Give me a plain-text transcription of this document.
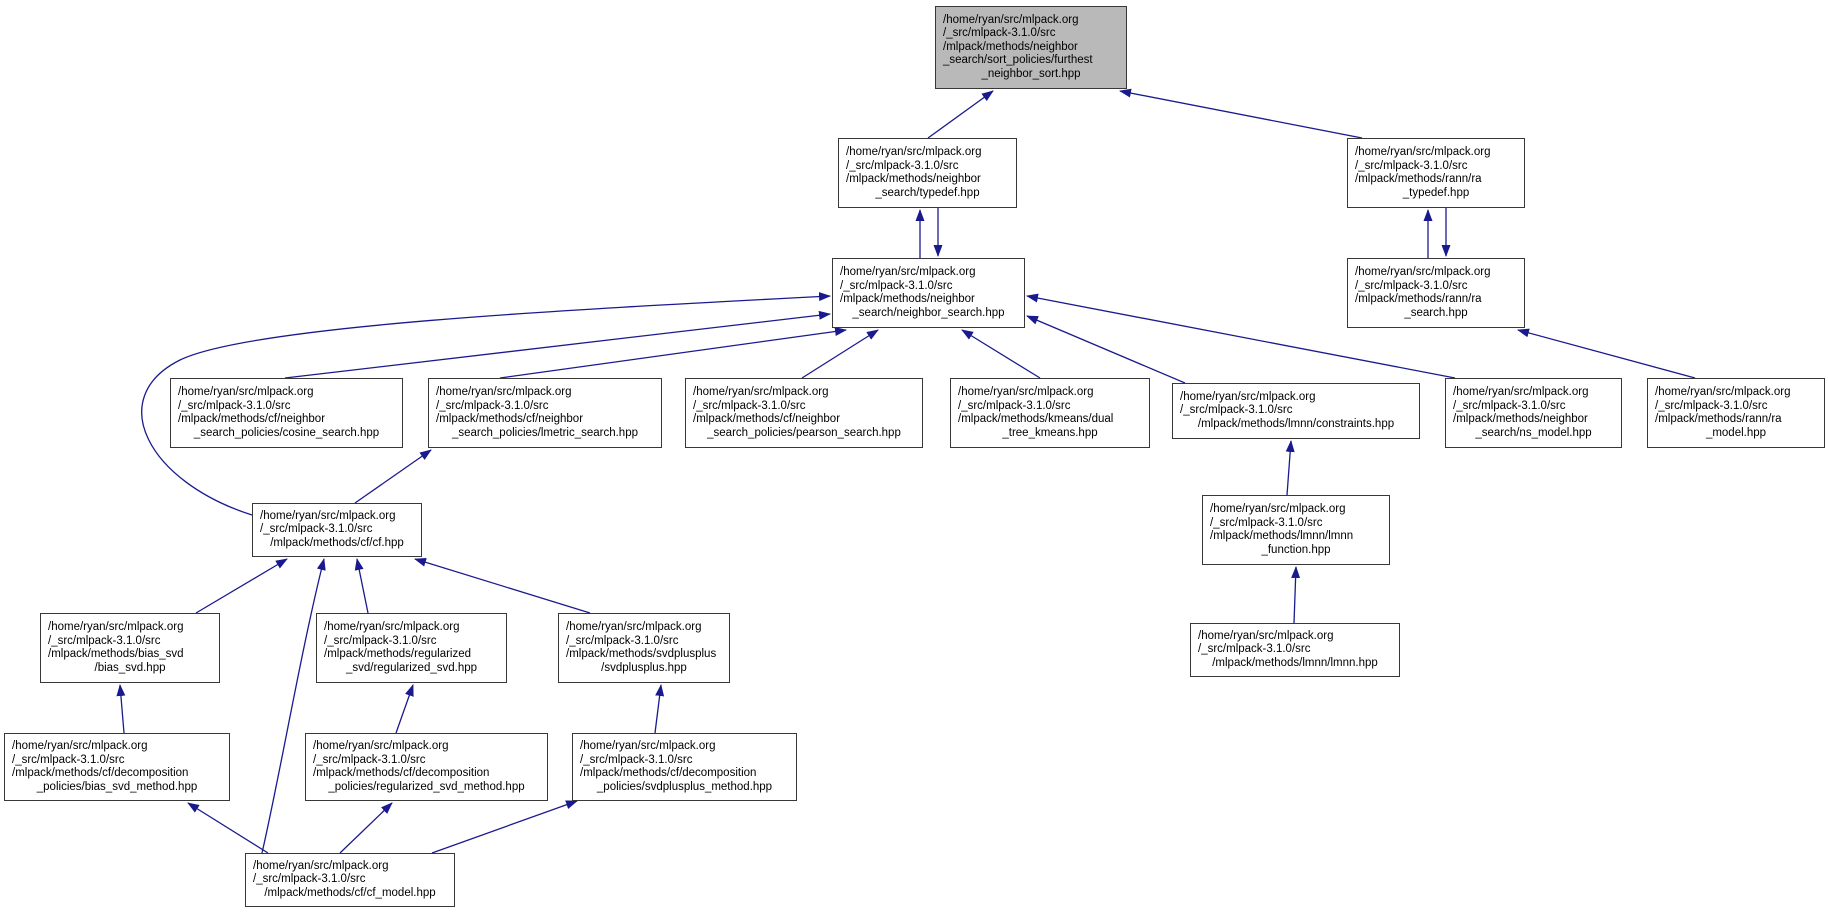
/home/ryan/src/mlpack.org
/_src/mlpack-3.1.0/src
/mlpack/methods/neighbor
_search/sort_policies/furthest
_neighbor_sort.hpp
/home/ryan/src/mlpack.org
/_src/mlpack-3.1.0/src
/mlpack/methods/neighbor
_search/typedef.hpp
/home/ryan/src/mlpack.org
/_src/mlpack-3.1.0/src
/mlpack/methods/rann/ra
_typedef.hpp
/home/ryan/src/mlpack.org
/_src/mlpack-3.1.0/src
/mlpack/methods/neighbor
_search/neighbor_search.hpp
/home/ryan/src/mlpack.org
/_src/mlpack-3.1.0/src
/mlpack/methods/rann/ra
_search.hpp
/home/ryan/src/mlpack.org
/_src/mlpack-3.1.0/src
/mlpack/methods/cf/neighbor
_search_policies/cosine_search.hpp
/home/ryan/src/mlpack.org
/_src/mlpack-3.1.0/src
/mlpack/methods/cf/neighbor
_search_policies/lmetric_search.hpp
/home/ryan/src/mlpack.org
/_src/mlpack-3.1.0/src
/mlpack/methods/cf/neighbor
_search_policies/pearson_search.hpp
/home/ryan/src/mlpack.org
/_src/mlpack-3.1.0/src
/mlpack/methods/kmeans/dual
_tree_kmeans.hpp
/home/ryan/src/mlpack.org
/_src/mlpack-3.1.0/src
/mlpack/methods/lmnn/constraints.hpp
/home/ryan/src/mlpack.org
/_src/mlpack-3.1.0/src
/mlpack/methods/neighbor
_search/ns_model.hpp
/home/ryan/src/mlpack.org
/_src/mlpack-3.1.0/src
/mlpack/methods/rann/ra
_model.hpp
/home/ryan/src/mlpack.org
/_src/mlpack-3.1.0/src
/mlpack/methods/cf/cf.hpp
/home/ryan/src/mlpack.org
/_src/mlpack-3.1.0/src
/mlpack/methods/lmnn/lmnn
_function.hpp
/home/ryan/src/mlpack.org
/_src/mlpack-3.1.0/src
/mlpack/methods/bias_svd
/bias_svd.hpp
/home/ryan/src/mlpack.org
/_src/mlpack-3.1.0/src
/mlpack/methods/regularized
_svd/regularized_svd.hpp
/home/ryan/src/mlpack.org
/_src/mlpack-3.1.0/src
/mlpack/methods/svdplusplus
/svdplusplus.hpp
/home/ryan/src/mlpack.org
/_src/mlpack-3.1.0/src
/mlpack/methods/lmnn/lmnn.hpp
/home/ryan/src/mlpack.org
/_src/mlpack-3.1.0/src
/mlpack/methods/cf/decomposition
_policies/bias_svd_method.hpp
/home/ryan/src/mlpack.org
/_src/mlpack-3.1.0/src
/mlpack/methods/cf/decomposition
_policies/regularized_svd_method.hpp
/home/ryan/src/mlpack.org
/_src/mlpack-3.1.0/src
/mlpack/methods/cf/decomposition
_policies/svdplusplus_method.hpp
/home/ryan/src/mlpack.org
/_src/mlpack-3.1.0/src
/mlpack/methods/cf/cf_model.hpp
